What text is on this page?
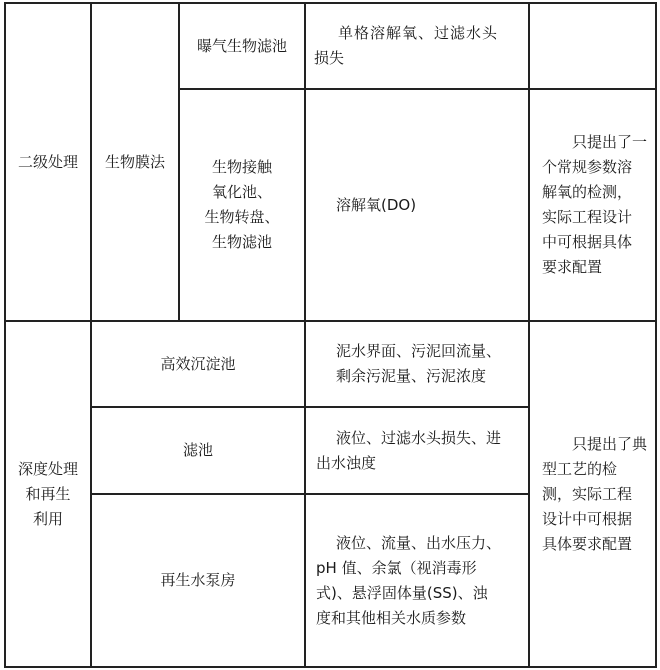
二级处理 生物膜法
曝气生物滤池
单格溶解氧、过滤水头
损失
生物接触
氧化池、
生物转盘、
生物滤池
溶解氧(DO)
只提出了一
个常规参数溶
解氧的检测，
实际工程设计
中可根据具体
要求配置
深度处理
和再生
利用
高效沉淀池
泥水界面、污泥回流量、
剩余污泥量、污泥浓度
滤池
液位、过滤水头损失、进
出水浊度
再生水泵房
液位、流量、出水压力、
pH 值、余氯（视消毒形
式)、悬浮固体量(SS)、浊
度和其他相关水质参数
只提出了典
型工艺的检
测，实际工程
设计中可根据
具体要求配置
